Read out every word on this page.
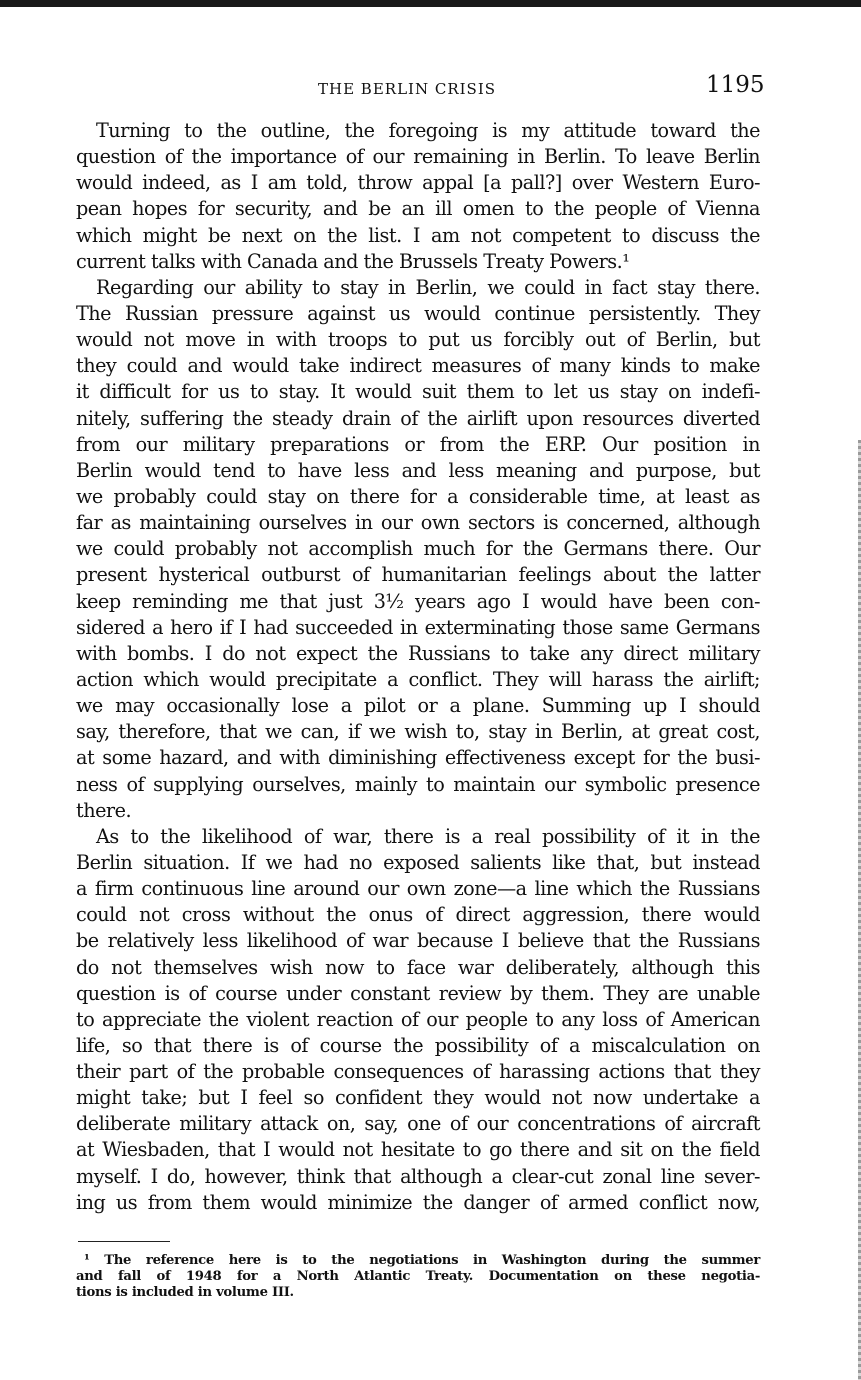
THE BERLIN CRISIS	1195
Turning to the outline, the foregoing is my attitude toward the
question of the importance of our remaining in Berlin. To leave Berlin
would indeed, as I am told, throw appal [a pall?] over Western Euro-
pean hopes for security, and be an ill omen to the people of Vienna
which might be next on the list. I am not competent to discuss the
current talks with Canada and the Brussels Treaty Powers.¹
Regarding our ability to stay in Berlin, we could in fact stay there.
The Russian pressure against us would continue persistently. They
would not move in with troops to put us forcibly out of Berlin, but
they could and would take indirect measures of many kinds to make
it difficult for us to stay. It would suit them to let us stay on indefi-
nitely, suffering the steady drain of the airlift upon resources diverted
from our military preparations or from the ERP. Our position in
Berlin would tend to have less and less meaning and purpose, but
we probably could stay on there for a considerable time, at least as
far as maintaining ourselves in our own sectors is concerned, although
we could probably not accomplish much for the Germans there. Our
present hysterical outburst of humanitarian feelings about the latter
keep reminding me that just 3½ years ago I would have been con-
sidered a hero if I had succeeded in exterminating those same Germans
with bombs. I do not expect the Russians to take any direct military
action which would precipitate a conflict. They will harass the airlift;
we may occasionally lose a pilot or a plane. Summing up I should
say, therefore, that we can, if we wish to, stay in Berlin, at great cost,
at some hazard, and with diminishing effectiveness except for the busi-
ness of supplying ourselves, mainly to maintain our symbolic presence
there.
As to the likelihood of war, there is a real possibility of it in the
Berlin situation. If we had no exposed salients like that, but instead
a firm continuous line around our own zone—a line which the Russians
could not cross without the onus of direct aggression, there would
be relatively less likelihood of war because I believe that the Russians
do not themselves wish now to face war deliberately, although this
question is of course under constant review by them. They are unable
to appreciate the violent reaction of our people to any loss of American
life, so that there is of course the possibility of a miscalculation on
their part of the probable consequences of harassing actions that they
might take; but I feel so confident they would not now undertake a
deliberate military attack on, say, one of our concentrations of aircraft
at Wiesbaden, that I would not hesitate to go there and sit on the field
myself. I do, however, think that although a clear-cut zonal line sever-
ing us from them would minimize the danger of armed conflict now,
¹ The reference here is to the negotiations in Washington during the summer
and fall of 1948 for a North Atlantic Treaty. Documentation on these negotia-
tions is included in volume III.
